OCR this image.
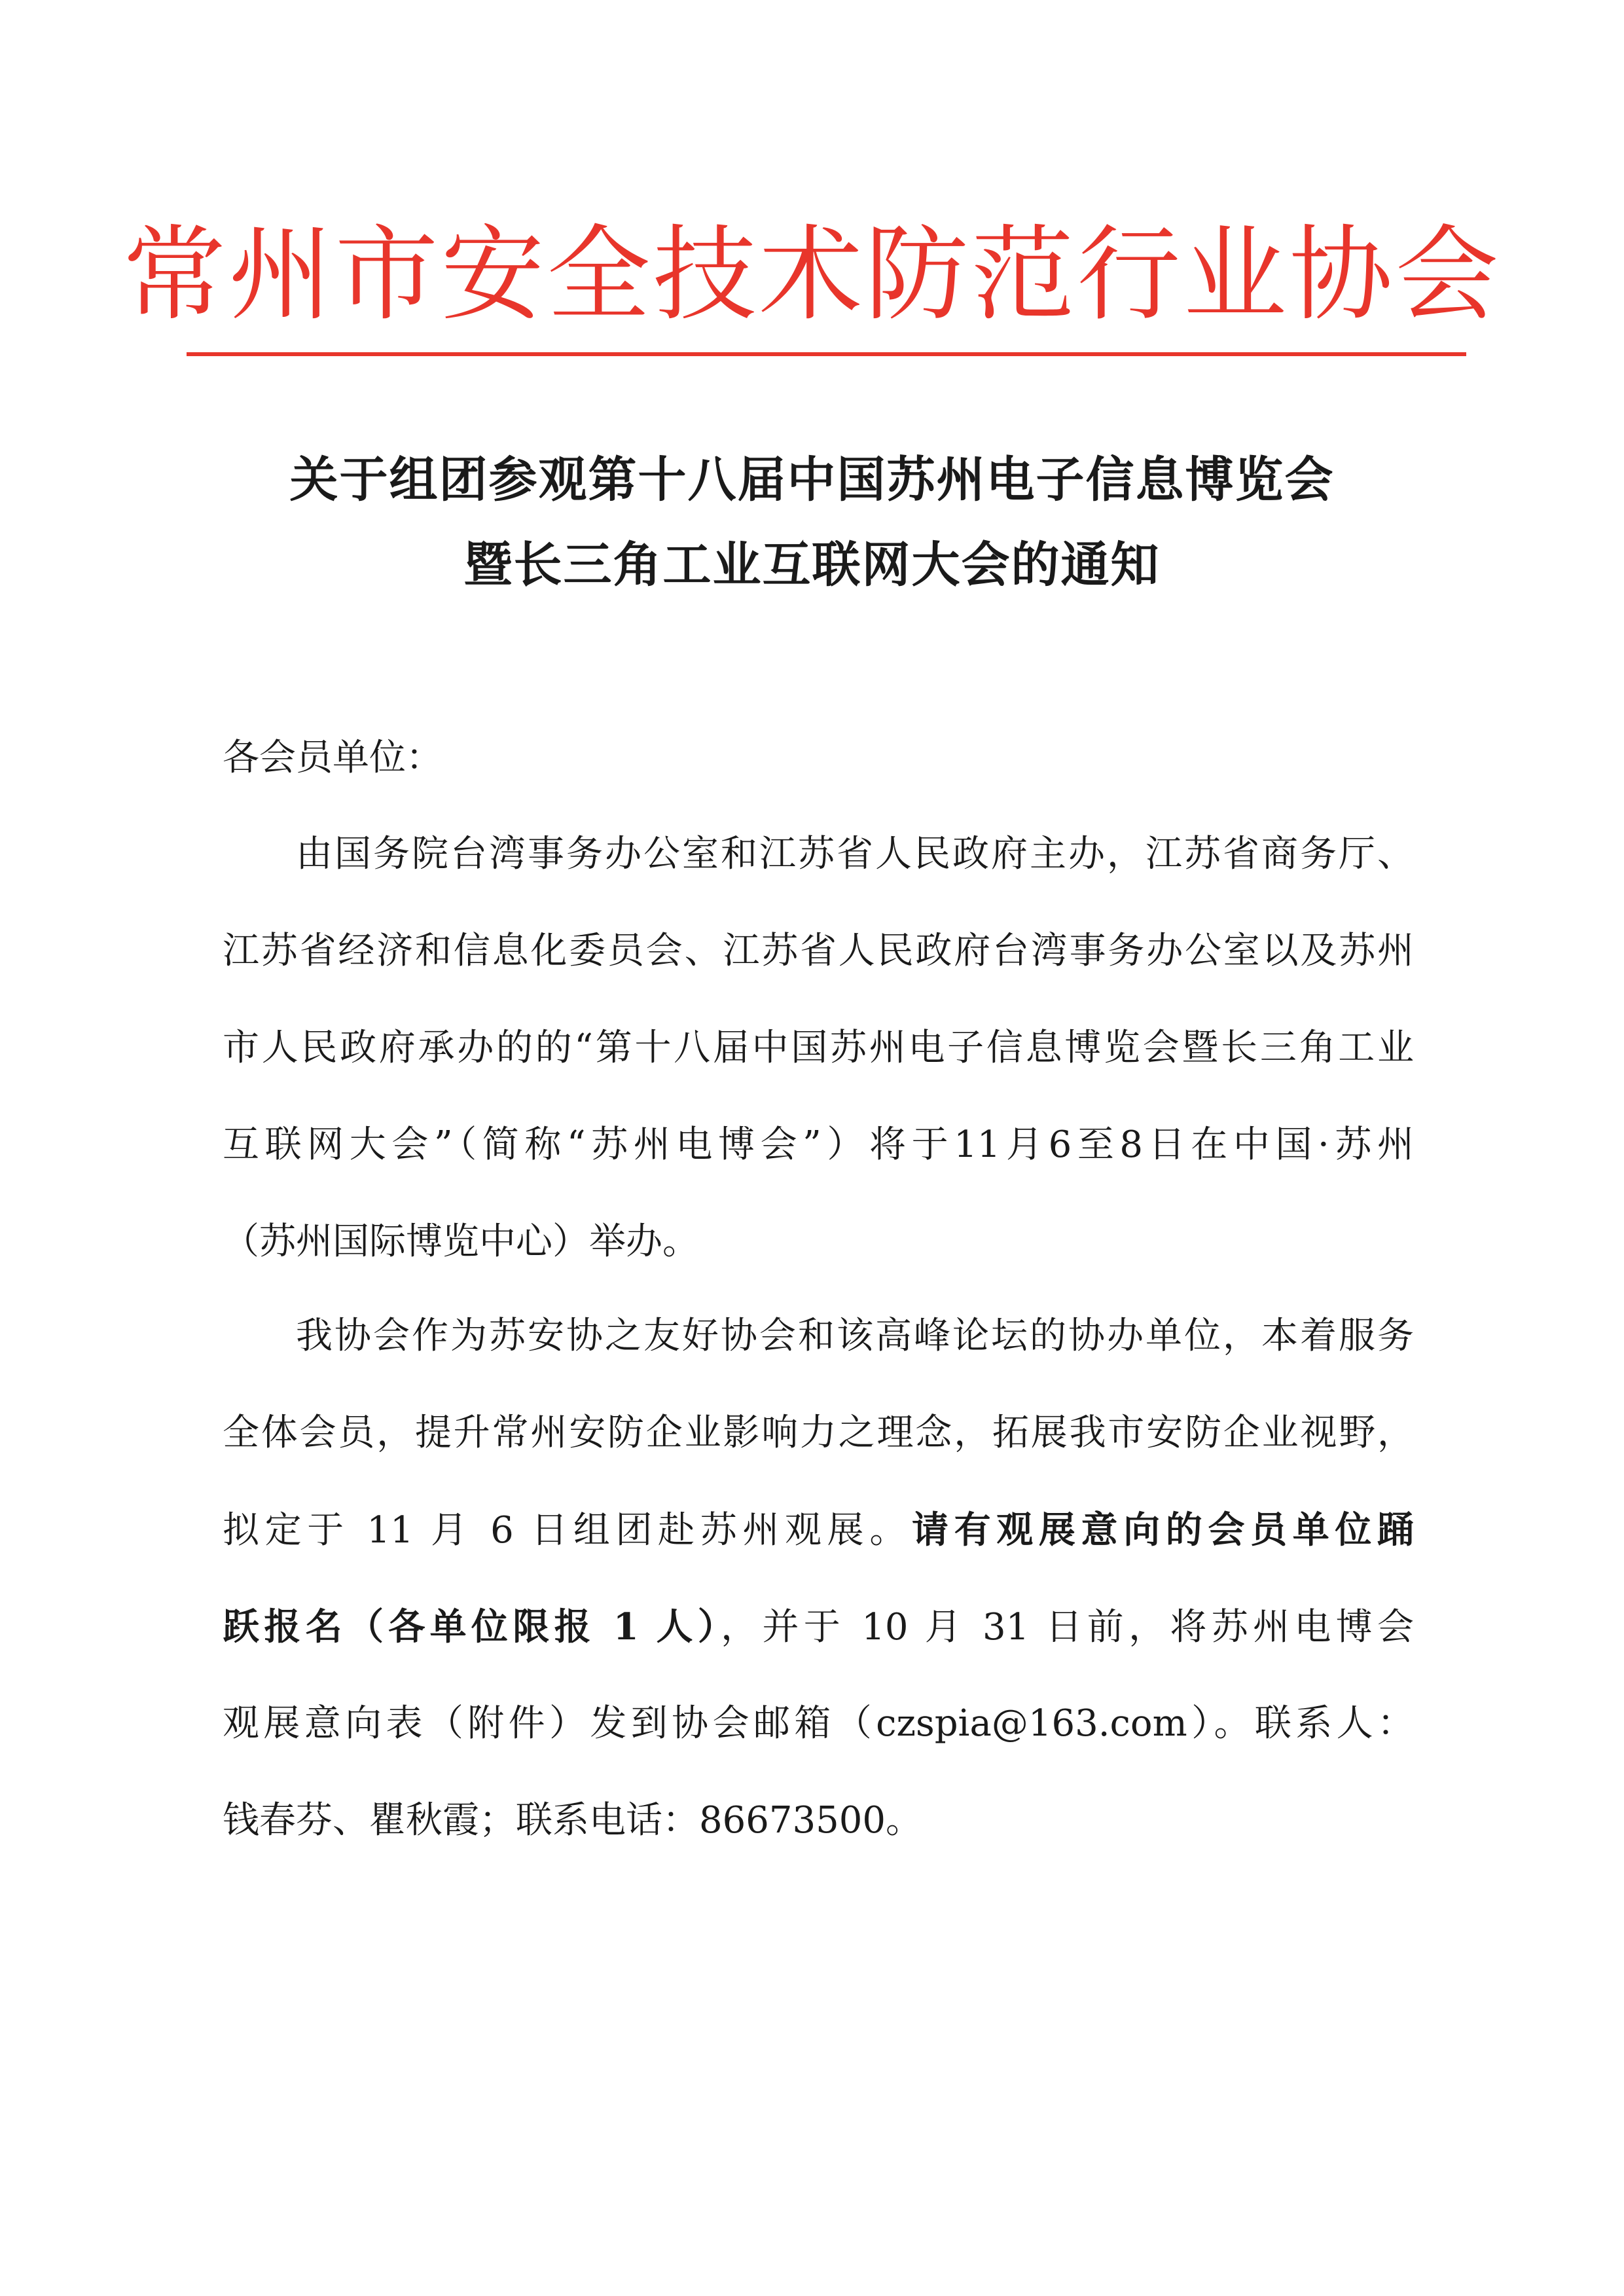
常州市安全技术防范行业协会
关于组团参观第十八届中国苏州电子信息博览会
暨长三角工业互联网大会的通知
各会员单位：
由国务院台湾事务办公室和江苏省人民政府主办，江苏省商务厅、
江苏省经济和信息化委员会、江苏省人民政府台湾事务办公室以及苏州
市人民政府承办的的“第十八届中国苏州电子信息博览会暨长三角工业
互联网大会”（简称“苏州电博会”）将于11月6至8日在中国·苏州
（苏州国际博览中心）举办。
我协会作为苏安协之友好协会和该高峰论坛的协办单位，本着服务
全体会员，提升常州安防企业影响力之理念，拓展我市安防企业视野，
拟定于 11 月 6 日组团赴苏州观展。请有观展意向的会员单位踊
跃报名（各单位限报 1 人），并于 10 月 31 日前，将苏州电博会
观展意向表（附件）发到协会邮箱（czspia@163.com）。联系人：
钱春芬、瞿秋霞；联系电话：86673500。
